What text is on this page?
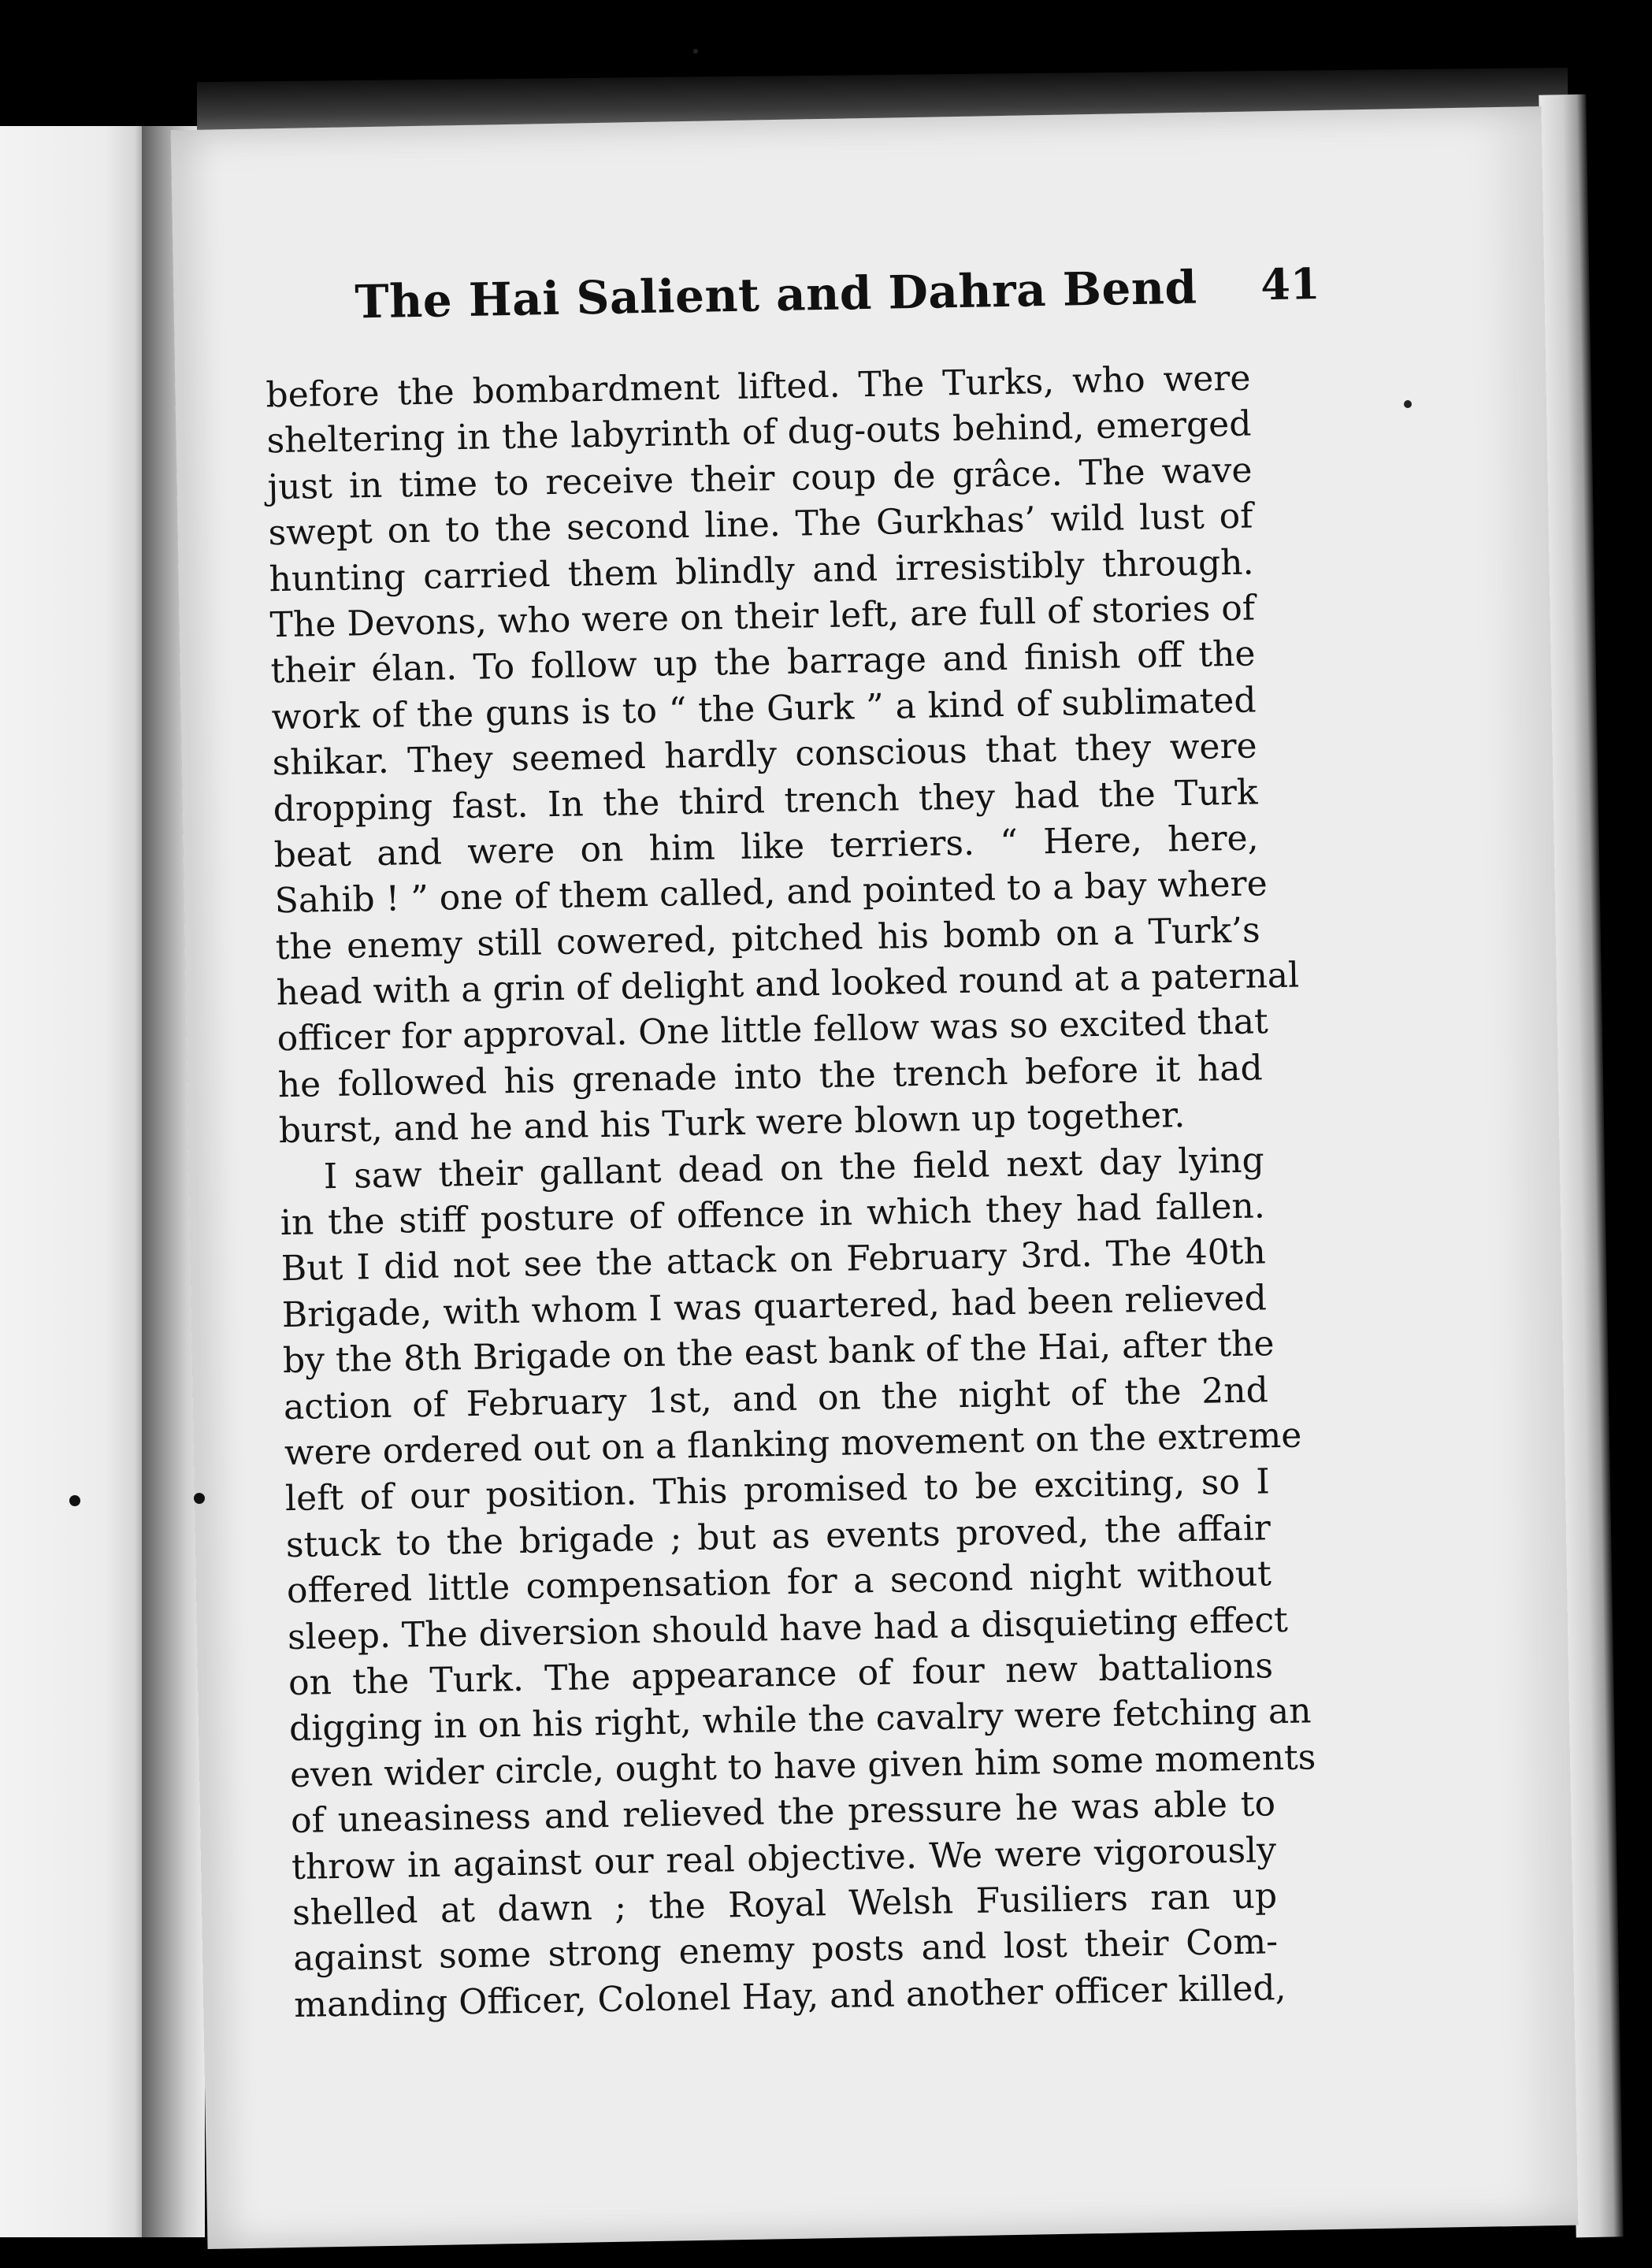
The Hai Salient and Dahra Bend 41
before the bombardment lifted. The Turks, who were
sheltering in the labyrinth of dug-outs behind, emerged
just in time to receive their coup de grâce. The wave
swept on to the second line. The Gurkhas’ wild lust of
hunting carried them blindly and irresistibly through.
The Devons, who were on their left, are full of stories of
their élan. To follow up the barrage and finish off the
work of the guns is to “ the Gurk ” a kind of sublimated
shikar. They seemed hardly conscious that they were
dropping fast. In the third trench they had the Turk
beat and were on him like terriers. “ Here, here,
Sahib ! ” one of them called, and pointed to a bay where
the enemy still cowered, pitched his bomb on a Turk’s
head with a grin of delight and looked round at a paternal
officer for approval. One little fellow was so excited that
he followed his grenade into the trench before it had
burst, and he and his Turk were blown up together.
I saw their gallant dead on the field next day lying
in the stiff posture of offence in which they had fallen.
But I did not see the attack on February 3rd. The 40th
Brigade, with whom I was quartered, had been relieved
by the 8th Brigade on the east bank of the Hai, after the
action of February 1st, and on the night of the 2nd
were ordered out on a flanking movement on the extreme
left of our position. This promised to be exciting, so I
stuck to the brigade ; but as events proved, the affair
offered little compensation for a second night without
sleep. The diversion should have had a disquieting effect
on the Turk. The appearance of four new battalions
digging in on his right, while the cavalry were fetching an
even wider circle, ought to have given him some moments
of uneasiness and relieved the pressure he was able to
throw in against our real objective. We were vigorously
shelled at dawn ; the Royal Welsh Fusiliers ran up
against some strong enemy posts and lost their Com-
manding Officer, Colonel Hay, and another officer killed,
